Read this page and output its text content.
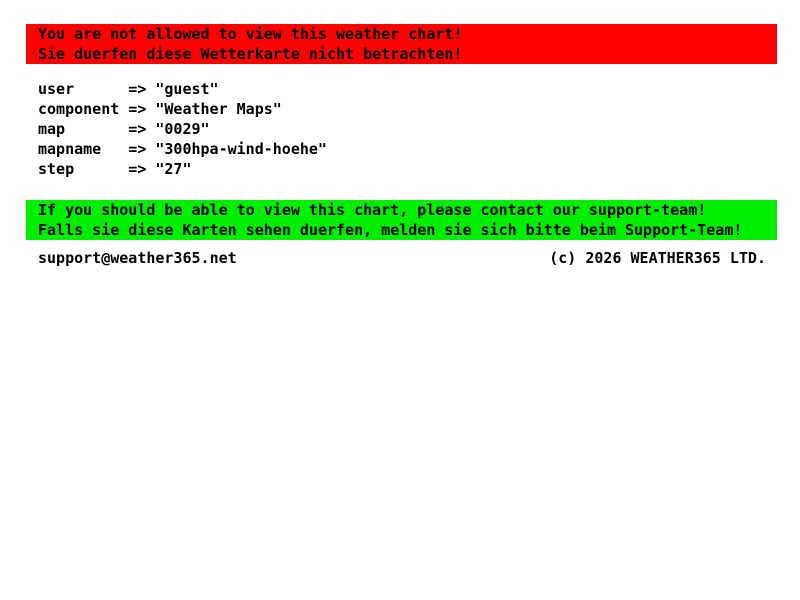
You are not allowed to view this weather chart!
Sie duerfen diese Wetterkarte nicht betrachten!
user	=> "guest"
component => "Weather Maps"
map	=> "0029"
mapname	=> "300hpa-wind-hoehe"
step	=> "27"
If you should be able to view this chart, please contact our support-team!
Falls sie diese Karten sehen duerfen, melden sie sich bitte beim Support-Team!
support@weather365.net	(c) 2026 WEATHER365 LTD.
